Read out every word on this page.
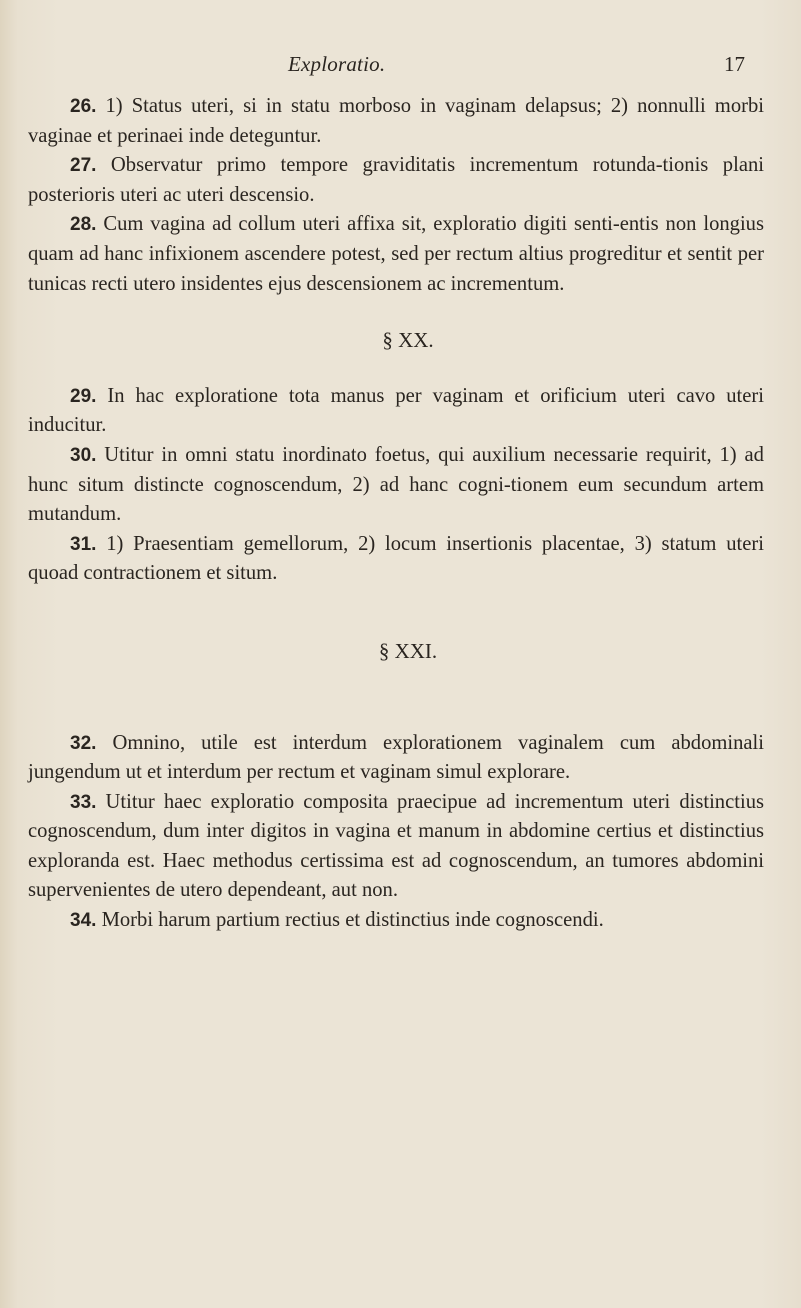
Exploratio.	17

26. 1) Status uteri, si in statu morboso in vaginam delapsus; 2) nonnulli morbi vaginae et perinaei inde deteguntur.

27. Observatur primo tempore graviditatis incrementum rotunda-tionis plani posterioris uteri ac uteri descensio.

28. Cum vagina ad collum uteri affixa sit, exploratio digiti senti-entis non longius quam ad hanc infixionem ascendere potest, sed per rectum altius progreditur et sentit per tunicas recti utero insidentes ejus descensionem ac incrementum.

§ XX.

29. In hac exploratione tota manus per vaginam et orificium uteri cavo uteri inducitur.

30. Utitur in omni statu inordinato foetus, qui auxilium necessarie requirit, 1) ad hunc situm distincte cognoscendum, 2) ad hanc cogni-tionem eum secundum artem mutandum.

31. 1) Praesentiam gemellorum, 2) locum insertionis placentae, 3) statum uteri quoad contractionem et situm.

§ XXI.

32. Omnino, utile est interdum explorationem vaginalem cum abdominali jungendum ut et interdum per rectum et vaginam simul explorare.

33. Utitur haec exploratio composita praecipue ad incrementum uteri distinctius cognoscendum, dum inter digitos in vagina et manum in abdomine certius et distinctius exploranda est. Haec methodus certissima est ad cognoscendum, an tumores abdomini supervenientes de utero dependeant, aut non.

34. Morbi harum partium rectius et distinctius inde cognoscendi.
